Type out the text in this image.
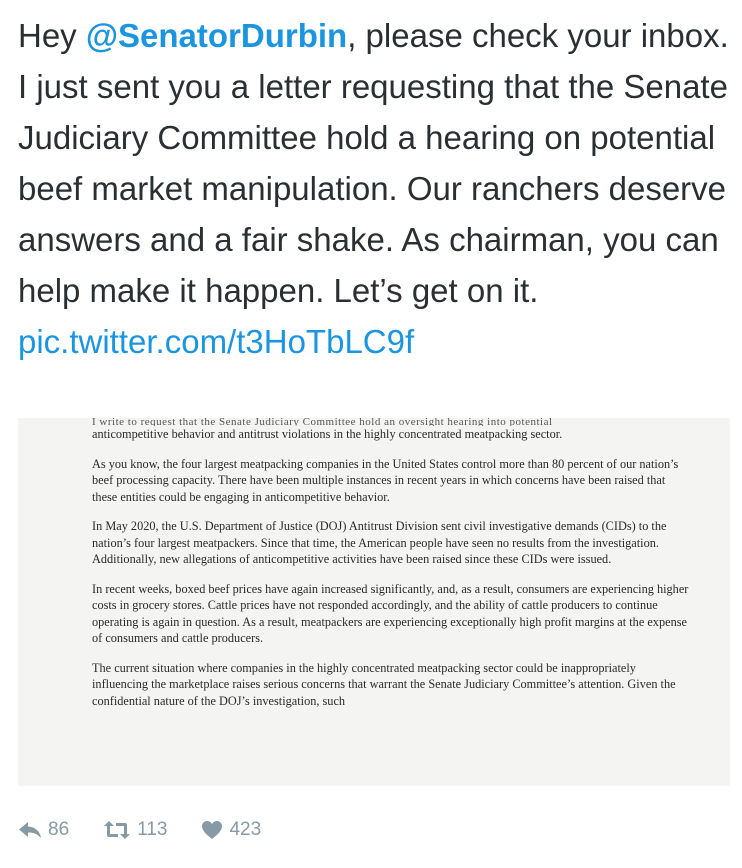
Hey @SenatorDurbin, please check your inbox. I just sent you a letter requesting that the Senate Judiciary Committee hold a hearing on potential beef market manipulation. Our ranchers deserve answers and a fair shake. As chairman, you can help make it happen. Let’s get on it.
pic.twitter.com/t3HoTbLC9f
I write to request that the Senate Judiciary Committee hold an oversight hearing into potential

anticompetitive behavior and antitrust violations in the highly concentrated meatpacking sector.

As you know, the four largest meatpacking companies in the United States control more than 80 percent of our nation’s beef processing capacity. There have been multiple instances in recent years in which concerns have been raised that these entities could be engaging in anticompetitive behavior.

In May 2020, the U.S. Department of Justice (DOJ) Antitrust Division sent civil investigative demands (CIDs) to the nation’s four largest meatpackers. Since that time, the American people have seen no results from the investigation. Additionally, new allegations of anticompetitive activities have been raised since these CIDs were issued.

In recent weeks, boxed beef prices have again increased significantly, and, as a result, consumers are experiencing higher costs in grocery stores. Cattle prices have not responded accordingly, and the ability of cattle producers to continue operating is again in question. As a result, meatpackers are experiencing exceptionally high profit margins at the expense of consumers and cattle producers.

The current situation where companies in the highly concentrated meatpacking sector could be inappropriately influencing the marketplace raises serious concerns that warrant the Senate Judiciary Committee’s attention. Given the confidential nature of the DOJ’s investigation, such

86	113	423
